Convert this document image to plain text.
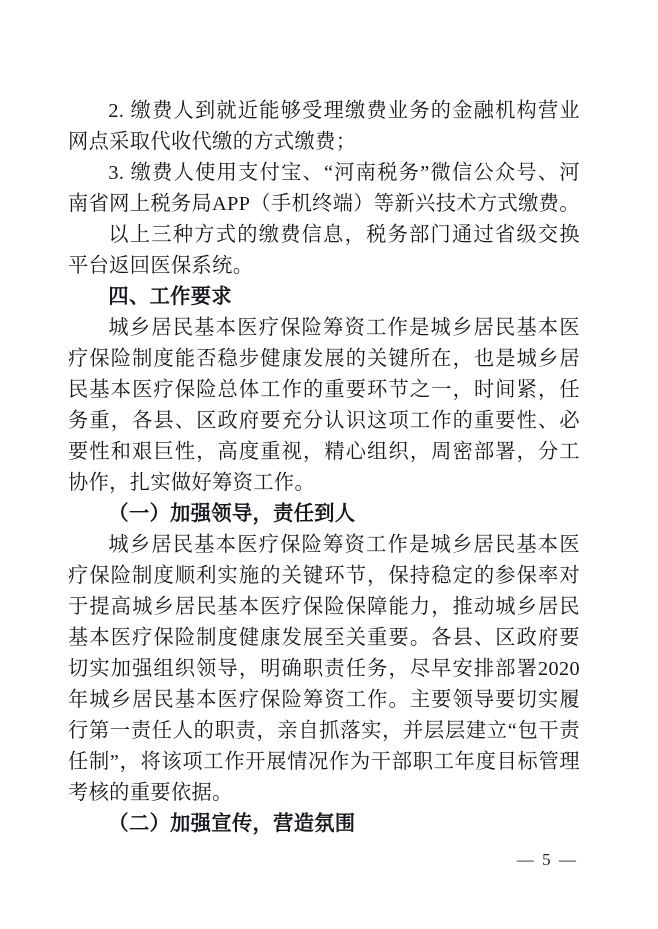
2. 缴费人到就近能够受理缴费业务的金融机构营业网点采取代收代缴的方式缴费；

3. 缴费人使用支付宝、“河南税务”微信公众号、河南省网上税务局APP（手机终端）等新兴技术方式缴费。

以上三种方式的缴费信息，税务部门通过省级交换平台返回医保系统。

四、工作要求

城乡居民基本医疗保险筹资工作是城乡居民基本医疗保险制度能否稳步健康发展的关键所在，也是城乡居民基本医疗保险总体工作的重要环节之一，时间紧，任务重，各县、区政府要充分认识这项工作的重要性、必要性和艰巨性，高度重视，精心组织，周密部署，分工协作，扎实做好筹资工作。

（一）加强领导，责任到人

城乡居民基本医疗保险筹资工作是城乡居民基本医疗保险制度顺利实施的关键环节，保持稳定的参保率对于提高城乡居民基本医疗保险保障能力，推动城乡居民基本医疗保险制度健康发展至关重要。各县、区政府要切实加强组织领导，明确职责任务，尽早安排部署2020年城乡居民基本医疗保险筹资工作。主要领导要切实履行第一责任人的职责，亲自抓落实，并层层建立“包干责任制”，将该项工作开展情况作为干部职工年度目标管理考核的重要依据。

（二）加强宣传，营造氛围

— 5 —
